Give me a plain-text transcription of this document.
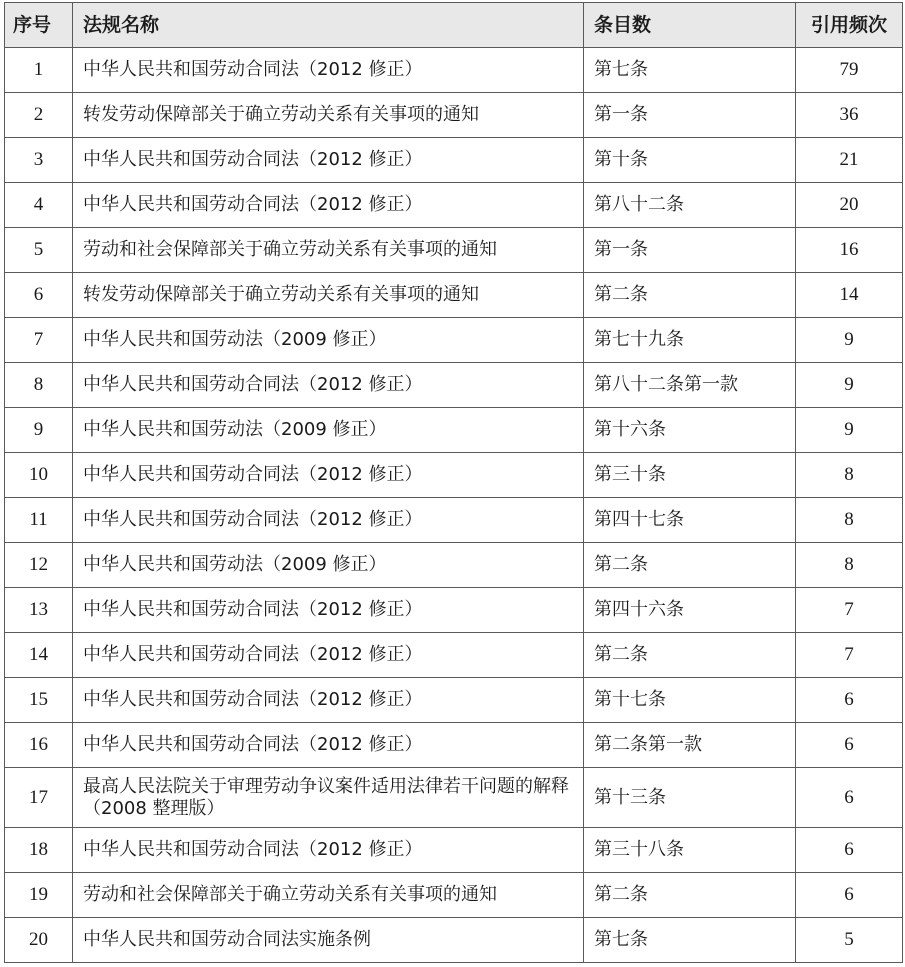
序号	法规名称	条目数	引用频次
1	中华人民共和国劳动合同法（2012 修正）	第七条	79
2	转发劳动保障部关于确立劳动关系有关事项的通知	第一条	36
3	中华人民共和国劳动合同法（2012 修正）	第十条	21
4	中华人民共和国劳动合同法（2012 修正）	第八十二条	20
5	劳动和社会保障部关于确立劳动关系有关事项的通知	第一条	16
6	转发劳动保障部关于确立劳动关系有关事项的通知	第二条	14
7	中华人民共和国劳动法（2009 修正）	第七十九条	9
8	中华人民共和国劳动合同法（2012 修正）	第八十二条第一款	9
9	中华人民共和国劳动法（2009 修正）	第十六条	9
10	中华人民共和国劳动合同法（2012 修正）	第三十条	8
11	中华人民共和国劳动合同法（2012 修正）	第四十七条	8
12	中华人民共和国劳动法（2009 修正）	第二条	8
13	中华人民共和国劳动合同法（2012 修正）	第四十六条	7
14	中华人民共和国劳动合同法（2012 修正）	第二条	7
15	中华人民共和国劳动合同法（2012 修正）	第十七条	6
16	中华人民共和国劳动合同法（2012 修正）	第二条第一款	6
17	最高人民法院关于审理劳动争议案件适用法律若干问题的解释（2008 整理版）	第十三条	6
18	中华人民共和国劳动合同法（2012 修正）	第三十八条	6
19	劳动和社会保障部关于确立劳动关系有关事项的通知	第二条	6
20	中华人民共和国劳动合同法实施条例	第七条	5
